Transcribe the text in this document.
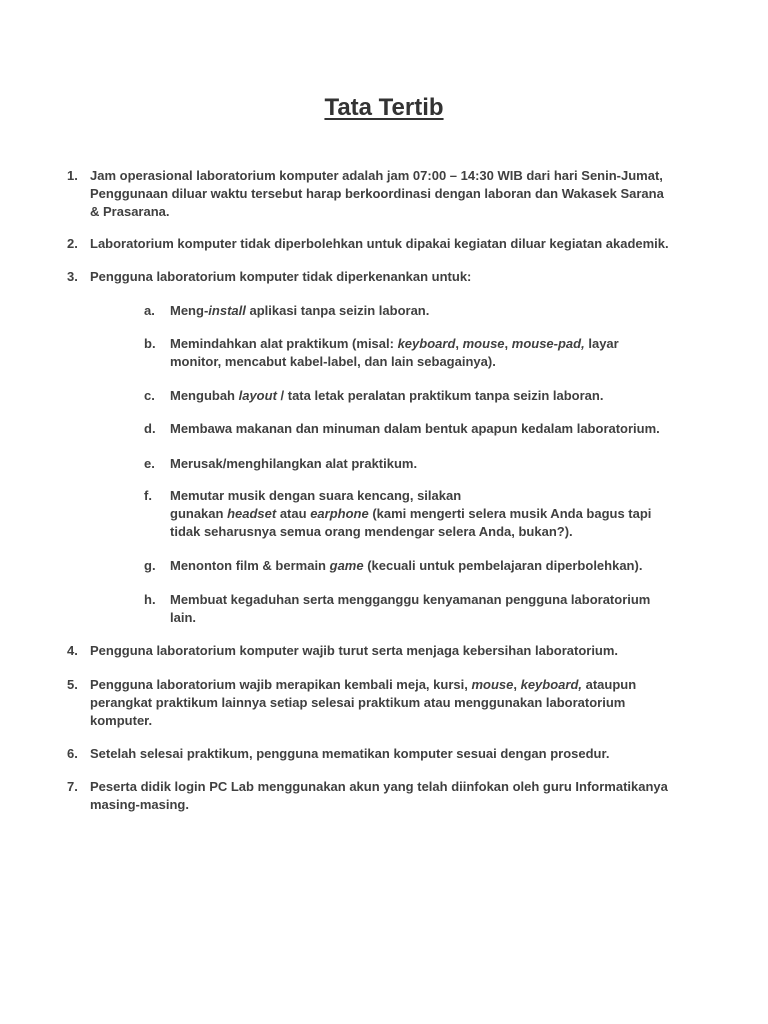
Tata Tertib
1. Jam operasional laboratorium komputer adalah jam 07:00 – 14:30 WIB dari hari Senin-Jumat,
Penggunaan diluar waktu tersebut harap berkoordinasi dengan laboran dan Wakasek Sarana
& Prasarana.
2. Laboratorium komputer tidak diperbolehkan untuk dipakai kegiatan diluar kegiatan akademik.
3. Pengguna laboratorium komputer tidak diperkenankan untuk:
a. Meng-install aplikasi tanpa seizin laboran.
b. Memindahkan alat praktikum (misal: keyboard, mouse, mouse-pad, layar
monitor, mencabut kabel-label, dan lain sebagainya).
c. Mengubah layout / tata letak peralatan praktikum tanpa seizin laboran.
d. Membawa makanan dan minuman dalam bentuk apapun kedalam laboratorium.
e. Merusak/menghilangkan alat praktikum.
f. Memutar musik dengan suara kencang, silakan
gunakan headset atau earphone (kami mengerti selera musik Anda bagus tapi
tidak seharusnya semua orang mendengar selera Anda, bukan?).
g. Menonton film & bermain game (kecuali untuk pembelajaran diperbolehkan).
h. Membuat kegaduhan serta mengganggu kenyamanan pengguna laboratorium
lain.
4. Pengguna laboratorium komputer wajib turut serta menjaga kebersihan laboratorium.
5. Pengguna laboratorium wajib merapikan kembali meja, kursi, mouse, keyboard, ataupun
perangkat praktikum lainnya setiap selesai praktikum atau menggunakan laboratorium
komputer.
6. Setelah selesai praktikum, pengguna mematikan komputer sesuai dengan prosedur.
7. Peserta didik login PC Lab menggunakan akun yang telah diinfokan oleh guru Informatikanya
masing-masing.
